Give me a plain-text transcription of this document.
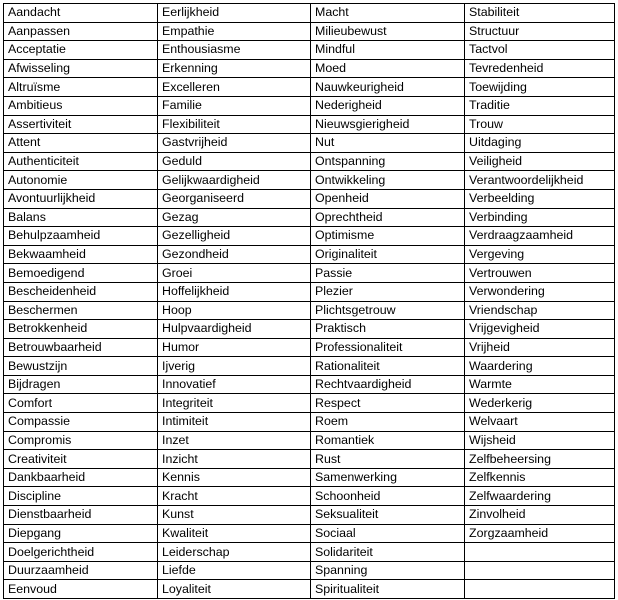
Aandacht	Eerlijkheid	Macht	Stabiliteit
Aanpassen	Empathie	Milieubewust	Structuur
Acceptatie	Enthousiasme	Mindful	Tactvol
Afwisseling	Erkenning	Moed	Tevredenheid
Altruïsme	Excelleren	Nauwkeurigheid	Toewijding
Ambitieus	Familie	Nederigheid	Traditie
Assertiviteit	Flexibiliteit	Nieuwsgierigheid	Trouw
Attent	Gastvrijheid	Nut	Uitdaging
Authenticiteit	Geduld	Ontspanning	Veiligheid
Autonomie	Gelijkwaardigheid	Ontwikkeling	Verantwoordelijkheid
Avontuurlijkheid	Georganiseerd	Openheid	Verbeelding
Balans	Gezag	Oprechtheid	Verbinding
Behulpzaamheid	Gezelligheid	Optimisme	Verdraagzaamheid
Bekwaamheid	Gezondheid	Originaliteit	Vergeving
Bemoedigend	Groei	Passie	Vertrouwen
Bescheidenheid	Hoffelijkheid	Plezier	Verwondering
Beschermen	Hoop	Plichtsgetrouw	Vriendschap
Betrokkenheid	Hulpvaardigheid	Praktisch	Vrijgevigheid
Betrouwbaarheid	Humor	Professionaliteit	Vrijheid
Bewustzijn	Ijverig	Rationaliteit	Waardering
Bijdragen	Innovatief	Rechtvaardigheid	Warmte
Comfort	Integriteit	Respect	Wederkerig
Compassie	Intimiteit	Roem	Welvaart
Compromis	Inzet	Romantiek	Wijsheid
Creativiteit	Inzicht	Rust	Zelfbeheersing
Dankbaarheid	Kennis	Samenwerking	Zelfkennis
Discipline	Kracht	Schoonheid	Zelfwaardering
Dienstbaarheid	Kunst	Seksualiteit	Zinvolheid
Diepgang	Kwaliteit	Sociaal	Zorgzaamheid
Doelgerichtheid	Leiderschap	Solidariteit	
Duurzaamheid	Liefde	Spanning	
Eenvoud	Loyaliteit	Spiritualiteit	
